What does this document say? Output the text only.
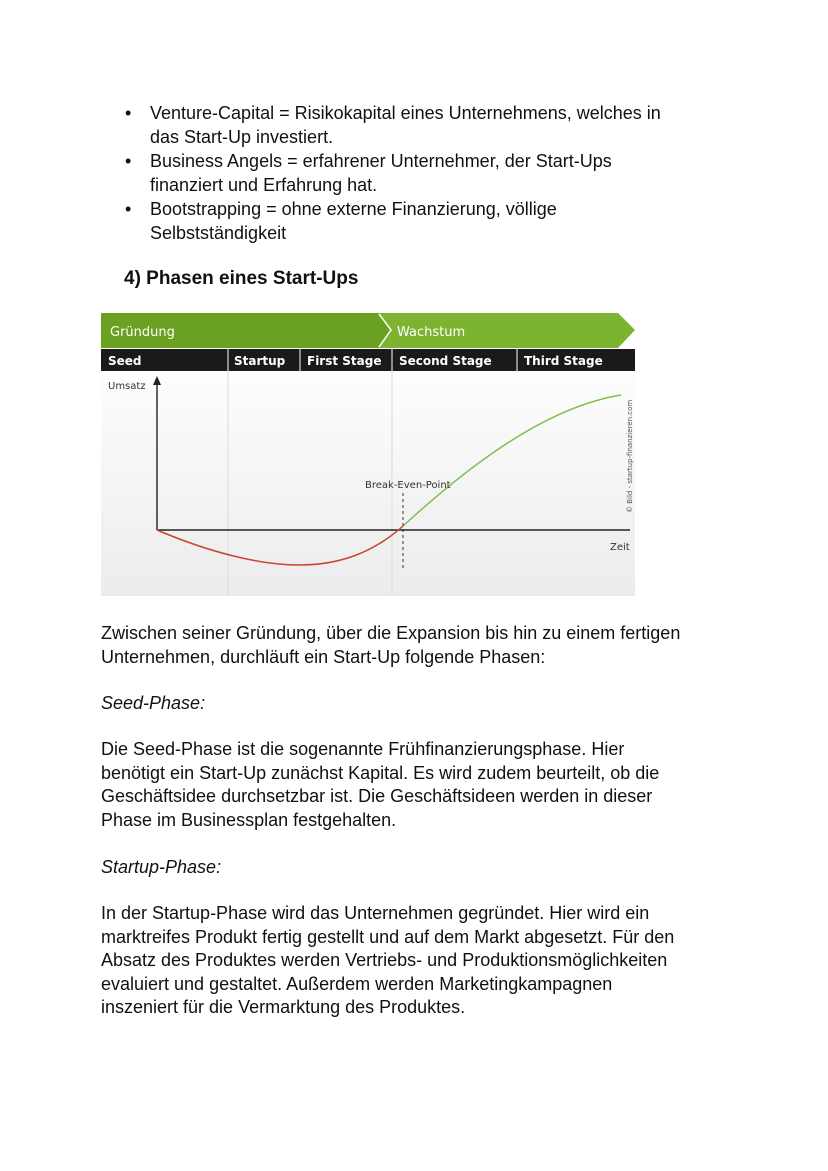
• Venture-Capital = Risikokapital eines Unternehmens, welches in
das Start-Up investiert.
• Business Angels = erfahrener Unternehmer, der Start-Ups
finanziert und Erfahrung hat.
• Bootstrapping = ohne externe Finanzierung, völlige
Selbstständigkeit
4) Phasen eines Start-Ups
Gründung	Wachstum
Seed	Startup First Stage Second Stage	Third Stage
Umsatz
Zeit
Break-Even-Point	© Bild - startup-finanzieren.com

Zwischen seiner Gründung, über die Expansion bis hin zu einem fertigen
Unternehmen, durchläuft ein Start-Up folgende Phasen:

Seed-Phase:

Die Seed-Phase ist die sogenannte Frühfinanzierungsphase. Hier
benötigt ein Start-Up zunächst Kapital. Es wird zudem beurteilt, ob die
Geschäftsidee durchsetzbar ist. Die Geschäftsideen werden in dieser
Phase im Businessplan festgehalten.

Startup-Phase:

In der Startup-Phase wird das Unternehmen gegründet. Hier wird ein
marktreifes Produkt fertig gestellt und auf dem Markt abgesetzt. Für den
Absatz des Produktes werden Vertriebs- und Produktionsmöglichkeiten
evaluiert und gestaltet. Außerdem werden Marketingkampagnen
inszeniert für die Vermarktung des Produktes.
